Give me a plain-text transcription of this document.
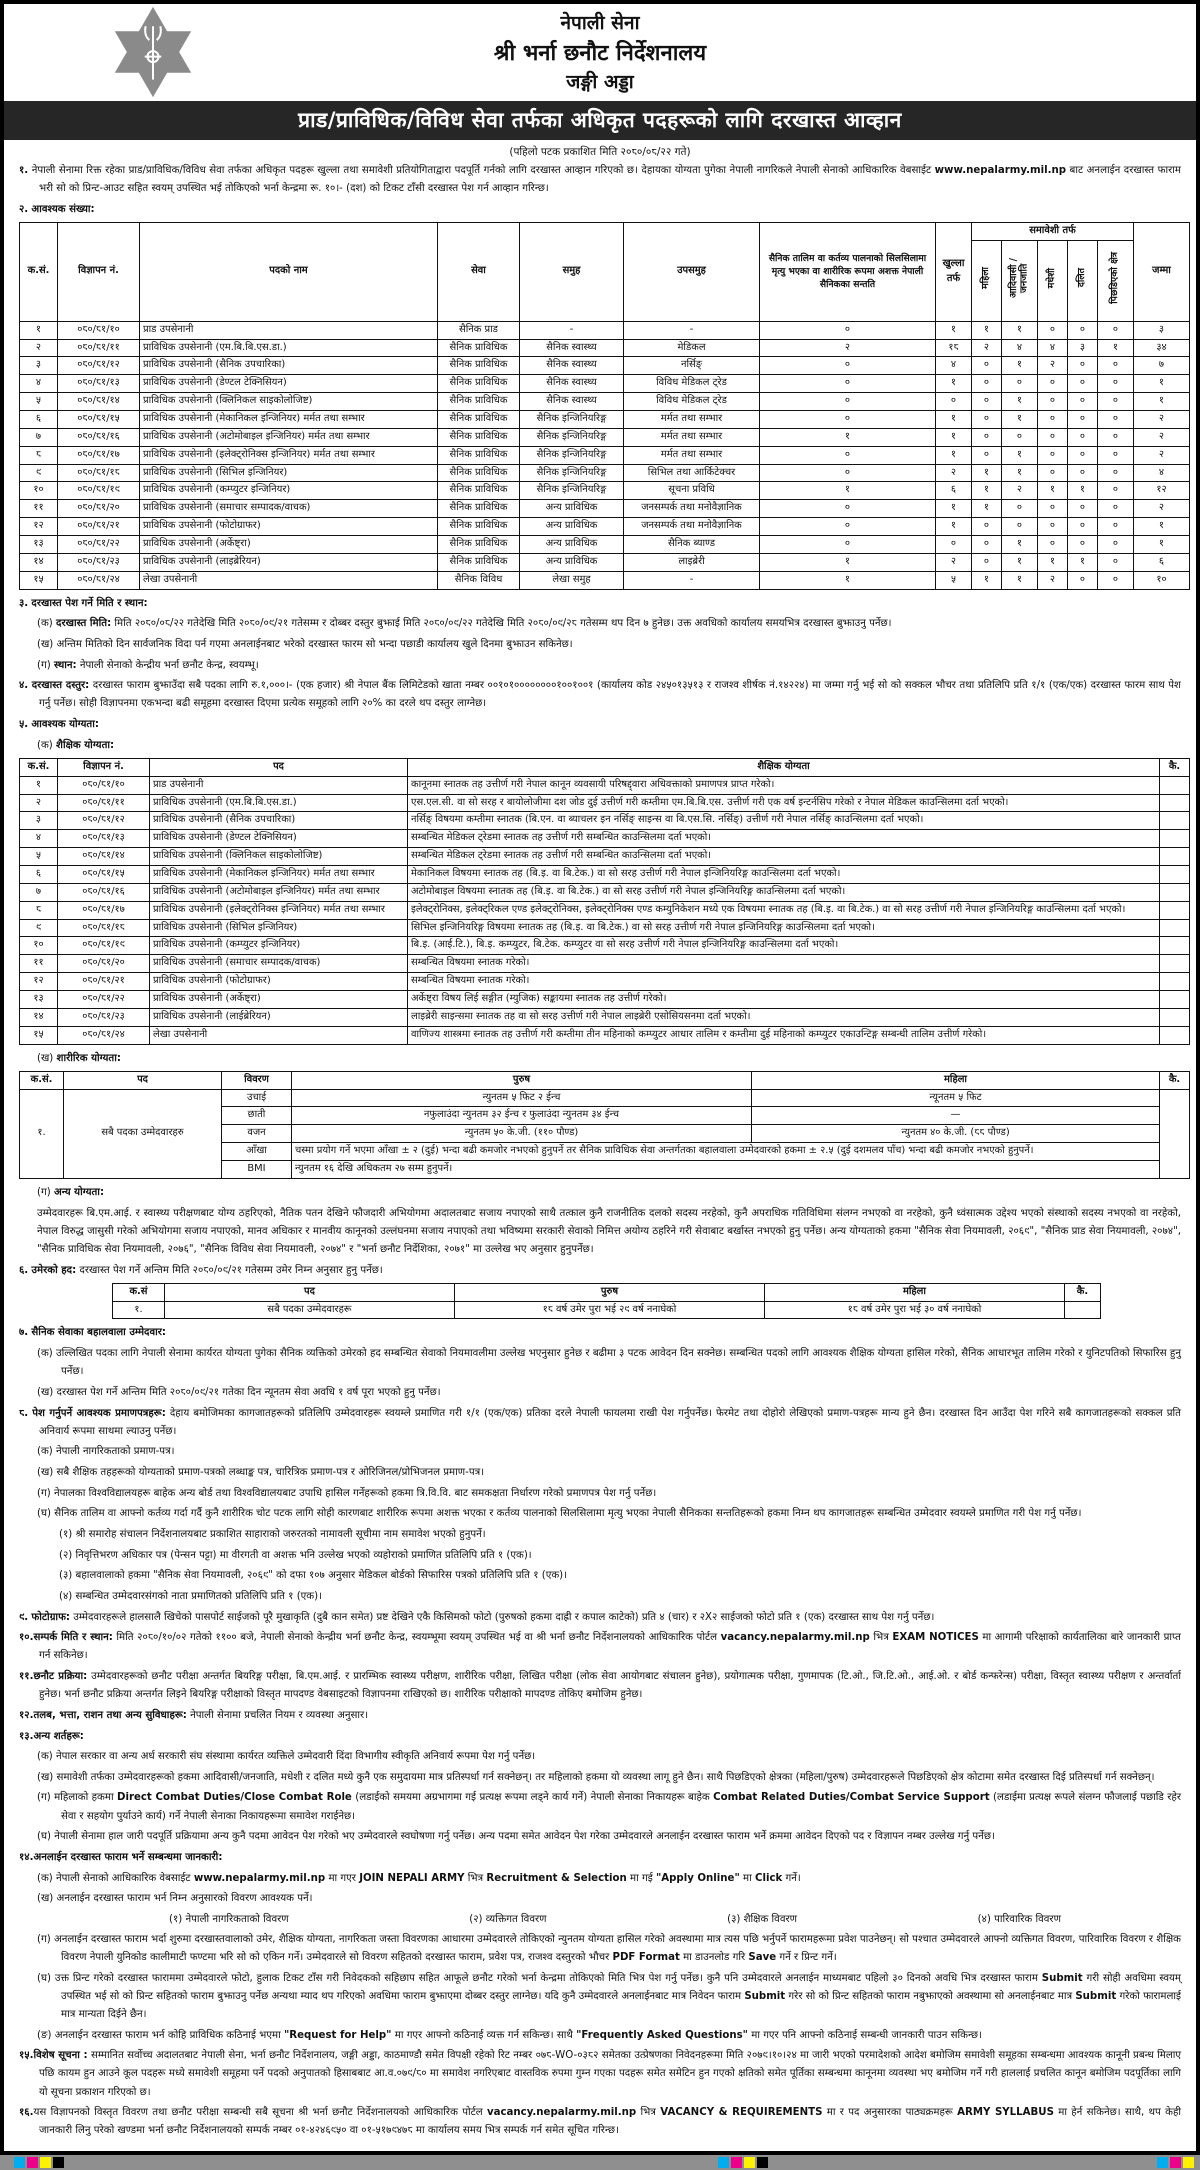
नेपाली सेना
श्री भर्ना छनौट निर्देशनालय
जङ्गी अड्डा
प्राड/प्राविधिक/विविध सेवा तर्फका अधिकृत पदहरूको लागि दरखास्त आव्हान
(पहिलो पटक प्रकाशित मिति २०८०/०८/२२ गते)
१. नेपाली सेनामा रिक्त रहेका प्राड/प्राविधिक/विविध सेवा तर्फका अधिकृत पदहरू खुल्ला तथा समावेशी प्रतियोगिताद्वारा पदपूर्ति गर्नको लागि दरखास्त आव्हान गरिएको छ। देहायका योग्यता पुगेका नेपाली नागरिकले नेपाली सेनाको आधिकारिक वेबसाईट www.nepalarmy.mil.np बाट अनलाईन दरखास्त फाराम भरी सो को प्रिन्ट-आउट सहित स्वयम् उपस्थित भई तोकिएको भर्ना केन्द्रमा रू. १०।- (दश) को टिकट टाँसी दरखास्त पेश गर्न आव्हान गरिन्छ।
२. आवश्यक संख्या:
क.सं.	विज्ञापन नं.	पदको नाम	सेवा	समुह	उपसमुह	सैनिक तालिम वा कर्तव्य पालनाको सिलसिलामा मृत्यु भएका वा शारीरिक रूपमा अशक्त नेपाली सैनिकका सन्तति	खुल्ला तर्फ	समावेशी तर्फ					जम्मा
								महिला	आदिवासी / जनजाति	मधेशी	दलित	पिछडिएको क्षेत्र	
१	०८०/८१/१०	प्राड उपसेनानी	सैनिक प्राड	-	-	०	१	१	१	०	०	०	३
२	०८०/८१/११	प्राविधिक उपसेनानी (एम.बि.बि.एस.डा.)	सैनिक प्राविधिक	सैनिक स्वास्थ्य	मेडिकल	२	१८	२	४	४	३	१	३४
३	०८०/८१/१२	प्राविधिक उपसेनानी (सैनिक उपचारिका)	सैनिक प्राविधिक	सैनिक स्वास्थ्य	नर्सिङ्	०	४	०	१	२	०	०	७
४	०८०/८१/१३	प्राविधिक उपसेनानी (डेण्टल टेक्निसियन)	सैनिक प्राविधिक	सैनिक स्वास्थ्य	विविध मेडिकल ट्रेड	०	१	०	०	०	०	०	१
५	०८०/८१/१४	प्राविधिक उपसेनानी (क्लिनिकल साइकोलोजिष्ट)	सैनिक प्राविधिक	सैनिक स्वास्थ्य	विविध मेडिकल ट्रेड	०	०	०	१	०	०	०	१
६	०८०/८१/१५	प्राविधिक उपसेनानी (मेकानिकल इन्जिनियर) मर्मत तथा सम्भार	सैनिक प्राविधिक	सैनिक इन्जिनियरिङ्ग	मर्मत तथा सम्भार	०	१	०	१	०	०	०	२
७	०८०/८१/१६	प्राविधिक उपसेनानी (अटोमोबाइल इन्जिनियर) मर्मत तथा सम्भार	सैनिक प्राविधिक	सैनिक इन्जिनियरिङ्ग	मर्मत तथा सम्भार	१	१	०	०	०	०	०	२
८	०८०/८१/१७	प्राविधिक उपसेनानी (इलेक्ट्रोनिक्स इन्जिनियर) मर्मत तथा सम्भार	सैनिक प्राविधिक	सैनिक इन्जिनियरिङ्ग	मर्मत तथा सम्भार	०	१	०	१	०	०	०	२
९	०८०/८१/१८	प्राविधिक उपसेनानी (सिभिल इन्जिनियर)	सैनिक प्राविधिक	सैनिक इन्जिनियरिङ्ग	सिभिल तथा आर्किटेक्चर	०	२	१	१	०	०	०	४
१०	०८०/८१/१९	प्राविधिक उपसेनानी (कम्प्युटर इन्जिनियर)	सैनिक प्राविधिक	सैनिक इन्जिनियरिङ्ग	सूचना प्रविधि	१	६	१	२	१	१	०	१२
११	०८०/८१/२०	प्राविधिक उपसेनानी (समाचार सम्पादक/वाचक)	सैनिक प्राविधिक	अन्य प्राविधिक	जनसम्पर्क तथा मनोवैज्ञानिक	०	१	१	०	०	०	०	२
१२	०८०/८१/२१	प्राविधिक उपसेनानी (फोटोग्राफर)	सैनिक प्राविधिक	अन्य प्राविधिक	जनसम्पर्क तथा मनोवैज्ञानिक	०	१	०	०	०	०	०	१
१३	०८०/८१/२२	प्राविधिक उपसेनानी (अर्केष्ट्रा)	सैनिक प्राविधिक	अन्य प्राविधिक	सैनिक ब्याण्ड	०	०	०	१	०	०	०	१
१४	०८०/८१/२३	प्राविधिक उपसेनानी (लाइब्रेरियन)	सैनिक प्राविधिक	अन्य प्राविधिक	लाइब्रेरी	१	२	०	१	१	१	०	६
१५	०८०/८१/२४	लेखा उपसेनानी	सैनिक विविध	लेखा समुह	-	१	५	१	१	२	०	०	१०
३. दरखास्त पेश गर्ने मिति र स्थान:
(क) दरखास्त मिति: मिति २०८०/०८/२२ गतेदेखि मिति २०८०/०९/२१ गतेसम्म र दोब्बर दस्तुर बुझाई मिति २०८०/०९/२२ गतेदेखि मिति २०८०/०९/२८ गतेसम्म थप दिन ७ हुनेछ। उक्त अवधिको कार्यालय समयभित्र दरखास्त बुझाउनु पर्नेछ।
(ख) अन्तिम मितिको दिन सार्वजनिक विदा पर्न गएमा अनलाईनबाट भरेको दरखास्त फारम सो भन्दा पछाडी कार्यालय खुले दिनमा बुझाउन सकिनेछ।
(ग) स्थान: नेपाली सेनाको केन्द्रीय भर्ना छनौट केन्द्र, स्वयम्भू।
४. दरखास्त दस्तुर: दरखास्त फाराम बुझाउँदा सबै पदका लागि रु.१,०००।- (एक हजार) श्री नेपाल बैंक लिमिटेडको खाता नम्बर ००१०१००००००००१००१००१ (कार्यालय कोड २४५०१३५१३ र राजश्व शीर्षक नं.१४२२४) मा जम्मा गर्नु भई सो को सक्कल भौचर तथा प्रतिलिपि प्रति १/१ (एक/एक) दरखास्त फारम साथ पेश गर्नु पर्नेछ। सोही विज्ञापनमा एकभन्दा बढी समूहमा दरखास्त दिएमा प्रत्येक समूहको लागि २०% का दरले थप दस्तुर लाग्नेछ।
५. आवश्यक योग्यता:
(क) शैक्षिक योग्यता:
क.सं.	विज्ञापन नं.	पद	शैक्षिक योग्यता	कै.
१	०८०/८१/१०	प्राड उपसेनानी	कानूनमा स्नातक तह उत्तीर्ण गरी नेपाल कानून व्यवसायी परिषद्द्वारा अधिवक्ताको प्रमाणपत्र प्राप्त गरेको।	
२	०८०/८१/११	प्राविधिक उपसेनानी (एम.बि.बि.एस.डा.)	एस.एल.सी. वा सो सरह र बायोलोजीमा दश जोड दुई उत्तीर्ण गरी कम्तीमा एम.बि.बि.एस. उत्तीर्ण गरी एक वर्ष इन्टर्नसिप गरेको र नेपाल मेडिकल काउन्सिलमा दर्ता भएको।	
३	०८०/८१/१२	प्राविधिक उपसेनानी (सैनिक उपचारिका)	नर्सिङ् विषयमा कम्तीमा स्नातक (बि.एन. वा ब्याचलर इन नर्सिङ् साइन्स वा बि.एस.सि. नर्सिङ्) उत्तीर्ण गरी नेपाल नर्सिङ् काउन्सिलमा दर्ता भएको।	
४	०८०/८१/१३	प्राविधिक उपसेनानी (डेण्टल टेक्निसियन)	सम्बन्धित मेडिकल ट्रेडमा स्नातक तह उत्तीर्ण गरी सम्बन्धित काउन्सिलमा दर्ता भएको।	
५	०८०/८१/१४	प्राविधिक उपसेनानी (क्लिनिकल साइकोलोजिष्ट)	सम्बन्धित मेडिकल ट्रेडमा स्नातक तह उत्तीर्ण गरी सम्बन्धित काउन्सिलमा दर्ता भएको।	
६	०८०/८१/१५	प्राविधिक उपसेनानी (मेकानिकल इन्जिनियर) मर्मत तथा सम्भार	मेकानिकल विषयमा स्नातक तह (बि.इ. वा बि.टेक.) वा सो सरह उत्तीर्ण गरी नेपाल इन्जिनियरिङ्ग काउन्सिलमा दर्ता भएको।	
७	०८०/८१/१६	प्राविधिक उपसेनानी (अटोमोबाइल इन्जिनियर) मर्मत तथा सम्भार	अटोमोबाइल विषयमा स्नातक तह (बि.इ. वा बि.टेक.) वा सो सरह उत्तीर्ण गरी नेपाल इन्जिनियरिङ्ग काउन्सिलमा दर्ता भएको।	
८	०८०/८१/१७	प्राविधिक उपसेनानी (इलेक्ट्रोनिक्स इन्जिनियर) मर्मत तथा सम्भार	इलेक्ट्रोनिक्स, इलेक्ट्रिकल एण्ड इलेक्ट्रोनिक्स, इलेक्ट्रोनिक्स एण्ड कम्युनिकेशन मध्ये एक विषयमा स्नातक तह (बि.इ. वा बि.टेक.) वा सो सरह उत्तीर्ण गरी नेपाल इन्जिनियरिङ्ग काउन्सिलमा दर्ता भएको।	
९	०८०/८१/१८	प्राविधिक उपसेनानी (सिभिल इन्जिनियर)	सिभिल इन्जिनियरिङ्ग विषयमा स्नातक तह (बि.इ. वा बि.टेक.) वा सो सरह उत्तीर्ण गरी नेपाल इन्जिनियरिङ्ग काउन्सिलमा दर्ता भएको।	
१०	०८०/८१/१९	प्राविधिक उपसेनानी (कम्प्युटर इन्जिनियर)	बि.इ. (आई.टि.), बि.इ. कम्प्युटर, बि.टेक. कम्प्युटर वा सो सरह उत्तीर्ण गरी नेपाल इन्जिनियरिङ्ग काउन्सिलमा दर्ता भएको।	
११	०८०/८१/२०	प्राविधिक उपसेनानी (समाचार सम्पादक/वाचक)	सम्बन्धित विषयमा स्नातक गरेको।	
१२	०८०/८१/२१	प्राविधिक उपसेनानी (फोटोग्राफर)	सम्बन्धित विषयमा स्नातक गरेको।	
१३	०८०/८१/२२	प्राविधिक उपसेनानी (अर्केष्ट्रा)	अर्केष्ट्रा विषय लिई सङ्गीत (म्युजिक) सङ्कायमा स्नातक तह उत्तीर्ण गरेको।	
१४	०८०/८१/२३	प्राविधिक उपसेनानी (लाईब्रेरियन)	लाइब्रेरी साइन्समा स्नातक तह वा सो सरह उत्तीर्ण गरी नेपाल लाइब्रेरी एसोसियसनमा दर्ता भएको।	
१५	०८०/८१/२४	लेखा उपसेनानी	वाणिज्य शास्त्रमा स्नातक तह उत्तीर्ण गरी कम्तीमा तीन महिनाको कम्प्युटर आधार तालिम र कम्तीमा दुई महिनाको कम्प्युटर एकाउन्टिङ्ग सम्बन्धी तालिम उत्तीर्ण गरेको।	
(ख) शारीरिक योग्यता:
क.सं.	पद	विवरण	पुरुष	महिला	कै.
१.	सबै पदका उम्मेदवारहरु	उचाई	न्युनतम ५ फिट २ ईन्च	न्यूनतम ५ फिट	
		छाती	नफुलाउंदा न्युनतम ३२ ईन्च र फुलाउंदा न्युनतम ३४ ईन्च	—	
		वजन	न्युनतम ५० के.जी. (११० पौण्ड)	न्युनतम ४० के.जी. (८८ पौण्ड)	
		आँखा	चस्मा प्रयोग गर्ने भएमा आँखा ± २ (दुई) भन्दा बढी कमजोर नभएको हुनुपर्ने तर सैनिक प्राविधिक सेवा अन्तर्गतका बहालवाला उम्मेदवारको हकमा ± २.५ (दुई दशमलव पाँच) भन्दा बढी कमजोर नभएको हुनुपर्ने।		
		BMI	न्युनतम १६ देखि अधिकतम २७ सम्म हुनुपर्ने।		
(ग) अन्य योग्यता:
उम्मेदवारहरू बि.एम.आई. र स्वास्थ्य परीक्षणबाट योग्य ठहरिएको, नैतिक पतन देखिने फौजदारी अभियोगमा अदालतबाट सजाय नपाएको साथै तत्काल कुनै राजनीतिक दलको सदस्य नरहेको, कुनै अपराधिक गतिविधिमा संलग्न नभएको वा नरहेको, कुनै ध्वंसात्मक उद्देश्य भएको संस्थाको सदस्य नभएको वा नरहेको, नेपाल विरुद्ध जासुसी गरेको अभियोगमा सजाय नपाएको, मानव अधिकार र मानवीय कानूनको उल्लंघनमा सजाय नपाएको तथा भविष्यमा सरकारी सेवाको निमित्त अयोग्य ठहरिने गरी सेवाबाट बर्खास्त नभएको हुनु पर्नेछ। अन्य योग्यताको हकमा "सैनिक सेवा नियमावली, २०६९", "सैनिक प्राड सेवा नियमावली, २०७४", "सैनिक प्राविधिक सेवा नियमावली, २०७६", "सैनिक विविध सेवा नियमावली, २०७४" र "भर्ना छनौट निर्देशिका, २०७१" मा उल्लेख भए अनुसार हुनुपर्नेछ।
६. उमेरको हद: दरखास्त पेश गर्ने अन्तिम मिति २०८०/०९/२१ गतेसम्म उमेर निम्न अनुसार हुनु पर्नेछ।
क.सं	पद	पुरुष	महिला	कै.
१.	सबै पदका उम्मेदवारहरू	१८ वर्ष उमेर पुरा भई २९ वर्ष ननाघेको	१८ वर्ष उमेर पुरा भई ३० वर्ष ननाघेको	
७. सैनिक सेवाका बहालवाला उम्मेदवार:
(क) उल्लिखित पदका लागि नेपाली सेनामा कार्यरत योग्यता पुगेका सैनिक व्यक्तिको उमेरको हद सम्बन्धित सेवाको नियमावलीमा उल्लेख भएनुसार हुनेछ र बढीमा ३ पटक आवेदन दिन सक्नेछ। सम्बन्धित पदको लागि आवश्यक शैक्षिक योग्यता हासिल गरेको, सैनिक आधारभूत तालिम गरेको र युनिटपतिको सिफारिस हुनु पर्नेछ।
(ख) दरखास्त पेश गर्ने अन्तिम मिति २०८०/०९/२१ गतेका दिन न्यूनतम सेवा अवधि १ वर्ष पूरा भएको हुनु पर्नेछ।
८. पेश गर्नुपर्ने आवश्यक प्रमाणपत्रहरू: देहाय बमोजिमका कागजातहरूको प्रतिलिपि उम्मेदवारहरू स्वयम्ले प्रमाणित गरी १/१ (एक/एक) प्रतिका दरले नेपाली फायलमा राखी पेश गर्नुपर्नेछ। फेरमेट तथा दोहोरो लेखिएको प्रमाण-पत्रहरू मान्य हुने छैन। दरखास्त दिन आउँदा पेश गरिने सबै कागजातहरूको सक्कल प्रति अनिवार्य रूपमा साथमा ल्याउनु पर्नेछ।
(क) नेपाली नागरिकताको प्रमाण-पत्र।
(ख) सबै शैक्षिक तहहरूको योग्यताको प्रमाण-पत्रको लब्धाङ्क पत्र, चारित्रिक प्रमाण-पत्र र ओरिजिनल/प्रोभिजनल प्रमाण-पत्र।
(ग) नेपालका विश्वविद्यालयहरू बाहेक अन्य बोर्ड तथा विश्वविद्यालयबाट उपाधि हासिल गर्नेहरूको हकमा त्रि.वि.वि. बाट समकक्षता निर्धारण गरेको प्रमाणपत्र पेश गर्नु पर्नेछ।
(घ) सैनिक तालिम वा आफ्नो कर्तव्य गर्दा गर्दै कुनै शारीरिक चोट पटक लागि सोही कारणबाट शारीरिक रूपमा अशक्त भएका र कर्तव्य पालनाको सिलसिलामा मृत्यु भएका नेपाली सैनिकका सन्ततिहरूको हकमा निम्न थप कागजातहरू सम्बन्धित उम्मेदवार स्वयम्ले प्रमाणित गरी पेश गर्नु पर्नेछ।
(१) श्री समारोह संचालन निर्देशनालयबाट प्रकाशित साहाराको जरुरतको नामावली सूचीमा नाम समावेश भएको हुनुपर्ने।
(२) निवृत्तिभरण अधिकार पत्र (पेन्सन पट्टा) मा वीरगती वा अशक्त भनि उल्लेख भएको व्यहोराको प्रमाणित प्रतिलिपि प्रति १ (एक)।
(३) बहालवालाको हकमा "सैनिक सेवा नियमावली, २०६९" को दफा १०७ अनुसार मेडिकल बोर्डको सिफारिस पत्रको प्रतिलिपि प्रति १ (एक)।
(४) सम्बन्धित उम्मेदवारसंगको नाता प्रमाणितको प्रतिलिपि प्रति १ (एक)।
९. फोटोग्राफ: उम्मेदवारहरूले हालसालै खिचेको पासपोर्ट साईजको पूरै मुखाकृति (दुबै कान समेत) प्रष्ट देखिने एकै किसिमको फोटो (पुरुषको हकमा दाह्री र कपाल काटेको) प्रति ४ (चार) र २X२ साईजको फोटो प्रति १ (एक) दरखास्त साथ पेश गर्नु पर्नेछ।
१०.सम्पर्क मिति र स्थान: मिति २०८०/१०/०२ गतेको ११०० बजे, नेपाली सेनाको केन्द्रीय भर्ना छनौट केन्द्र, स्वयम्भूमा स्वयम् उपस्थित भई वा श्री भर्ना छनौट निर्देशनालयको आधिकारिक पोर्टल vacancy.nepalarmy.mil.np भित्र EXAM NOTICES मा आगामी परिक्षाको कार्यतालिका बारे जानकारी प्राप्त गर्न सकिनेछ।
११.छनौट प्रक्रिया: उम्मेदवारहरूको छनौट परीक्षा अन्तर्गत बियरिङ्ग परीक्षा, बि.एम.आई. र प्रारम्भिक स्वास्थ्य परीक्षण, शारीरिक परीक्षा, लिखित परीक्षा (लोक सेवा आयोगबाट संचालन हुनेछ), प्रयोगात्मक परीक्षा, गुणमापक (टि.ओ., जि.टि.ओ., आई.ओ. र बोर्ड कन्फरेन्स) परीक्षा, विस्तृत स्वास्थ्य परीक्षण र अन्तर्वार्ता हुनेछ। भर्ना छनौट प्रक्रिया अन्तर्गत लिइने बियरिङ्ग परीक्षाको विस्तृत मापदण्ड वेबसाइटको विज्ञापनमा राखिएको छ। शारीरिक परीक्षाको मापदण्ड तोकिए बमोजिम हुनेछ।
१२.तलब, भत्ता, राशन तथा अन्य सुविधाहरू: नेपाली सेनामा प्रचलित नियम र व्यवस्था अनुसार।
१३.अन्य शर्तहरू:
(क) नेपाल सरकार वा अन्य अर्ध सरकारी संघ संस्थामा कार्यरत व्यक्तिले उम्मेदवारी दिंदा विभागीय स्वीकृति अनिवार्य रूपमा पेश गर्नु पर्नेछ।
(ख) समावेशी तर्फका उम्मेदवारहरूको हकमा आदिवासी/जनजाति, मधेशी र दलित मध्ये कुनै एक समुदायमा मात्र प्रतिस्पर्धा गर्न सक्नेछन्। तर महिलाको हकमा यो व्यवस्था लागू हुने छैन। साथै पिछडिएको क्षेत्रका (महिला/पुरुष) उम्मेदवारहरूले पिछडिएको क्षेत्र कोटामा समेत दरखास्त दिई प्रतिस्पर्धा गर्न सक्नेछन्।
(ग) महिलाको हकमा Direct Combat Duties/Close Combat Role (लडाईको समयमा अग्रभागमा गई प्रत्यक्ष रूपमा लड्ने कार्य गर्ने) नेपाली सेनाका निकायहरू बाहेक Combat Related Duties/Combat Service Support (लडाईमा प्रत्यक्ष रूपले संलग्न फौजलाई पछाडि रहेर सेवा र सहयोग पुर्याउने कार्य) गर्ने नेपाली सेनाका निकायहरूमा समावेश गराईनेछ।
(घ) नेपाली सेनामा हाल जारी पदपूर्ति प्रक्रियामा अन्य कुनै पदमा आवेदन पेश गरेको भए उम्मेदवारले स्वघोषणा गर्नु पर्नेछ। अन्य पदमा समेत आवेदन पेश गरेका उम्मेदवारले अनलाईन दरखास्त फाराम भर्ने क्रममा आवेदन दिएको पद र विज्ञापन नम्बर उल्लेख गर्नु पर्नेछ।
१४.अनलाईन दरखास्त फाराम भर्ने सम्बन्धमा जानकारी:
(क) नेपाली सेनाको आधिकारिक वेबसाईट www.nepalarmy.mil.np मा गएर JOIN NEPALI ARMY भित्र Recruitment & Selection मा गई "Apply Online" मा Click गर्ने।
(ख) अनलाईन दरखास्त फाराम भर्न निम्न अनुसारको विवरण आवश्यक पर्ने।
(१) नेपाली नागरिकताको विवरण	(२) व्यक्तिगत विवरण	(३) शैक्षिक विवरण	(४) पारिवारिक विवरण
(ग) अनलाईन दरखास्त फाराम भर्दा शुरुमा दरखास्तवालाको उमेर, शैक्षिक योग्यता, नागरिकता जस्ता विवरणका आधारमा उम्मेदवारले तोकिएको न्युनतम योग्यता हासिल गरेको अवस्थामा मात्र त्यस पछि भर्नुपर्ने फारामहरूमा प्रवेश पाउनेछन्। सो पश्चात उम्मेदवारले आफ्नो व्यक्तिगत विवरण, पारिवारिक विवरण र शैक्षिक विवरण नेपाली युनिकोड कालीमाटी फण्टमा भरि सो को एकिन गर्ने। उम्मेदवारले सो विवरण सहितको दरखास्त फाराम, प्रवेश पत्र, राजश्व दस्तुरको भौचर PDF Format मा डाउनलोड गरि Save गर्ने र प्रिन्ट गर्ने।
(घ) उक्त प्रिन्ट गरेको दरखास्त फाराममा उम्मेदवारले फोटो, हुलाक टिकट टाँस गरी निवेदकको सहिछाप सहित आफूले छनौट गरेको भर्ना केन्द्रमा तोकिएको मिति भित्र पेश गर्नु पर्नेछ। कुनै पनि उम्मेदवारले अनलाईन माध्यमबाट पहिलो ३० दिनको अवधि भित्र दरखास्त फाराम Submit गरी सोही अवधिमा स्वयम् उपस्थित भई सो को प्रिन्ट सहितको फाराम बुझाउनु पर्नेछ अन्यथा म्याद थप गरिएको अवधिमा फाराम बुझाएमा दोब्बर दस्तुर लाग्नेछ। यदि कुनै उम्मेदवारले अनलाईनबाट मात्र निवेदन फाराम Submit गरेर सो को प्रिन्ट सहितको फाराम नबुझाएको अवस्थामा सो अनलाईनबाट मात्र Submit गरेको फारामलाई मात्र मान्यता दिईने छैन।
(ङ) अनलाईन दरखास्त फाराम भर्न कोहि प्राविधिक कठिनाई भएमा "Request for Help" मा गएर आफ्नो कठिनाई व्यक्त गर्न सकिन्छ। साथै "Frequently Asked Questions" मा गएर पनि आफ्नो कठिनाई सम्बन्धी जानकारी पाउन सकिन्छ।
१५.विशेष सूचना : सम्मानित सर्वोच्च अदालतबाट नेपाली सेना, भर्ना छनौट निर्देशनालय, जङ्गी अड्डा, काठमाण्डौ समेत विपक्षी रहेको रिट नम्बर ०७८-WO-०३८२ समेतका उत्प्रेषणका निवेदनहरूमा मिति २०७९।१०।२४ मा जारी भएको परमादेशको आदेश बमोजिम समावेशी समूहका सम्बन्धमा आवश्यक कानूनी प्रबन्ध मिलाए पछि कायम हुन आउने कूल पदहरू मध्ये समावेशी समूहमा पर्ने पदको अनुपातको हिसाबबाट आ.व.०७९/८० मा समावेश नगरिएबाट वास्तविक रुपमा गुम्न गएका पदहरू समेत समेटिन हुन गएको क्षतिको समेत पूर्तिका सम्बन्धमा कानूनमा व्यवस्था भए बमोजिम गर्ने गरी हाललाई प्रचलित कानून बमोजिम पदपूर्तिका लागि यो सूचना प्रकाशन गरिएको छ।
१६.यस विज्ञापनको विस्तृत विवरण तथा छनौट परीक्षा सम्बन्धी सबै सूचना श्री भर्ना छनौट निर्देशनालयको आधिकारिक पोर्टल vacancy.nepalarmy.mil.np भित्र VACANCY & REQUIREMENTS मा र पद अनुसारका पाठ्यक्रमहरू ARMY SYLLABUS मा हेर्न सकिनेछ। साथै, थप केही जानकारी लिनु परेको खण्डमा भर्ना छनौट निर्देशनालयको सम्पर्क नम्बर ०१-४२४६९५० वा ०१-५१७९४७८ मा कार्यालय समय भित्र सम्पर्क गर्न समेत सूचित गरिन्छ।
